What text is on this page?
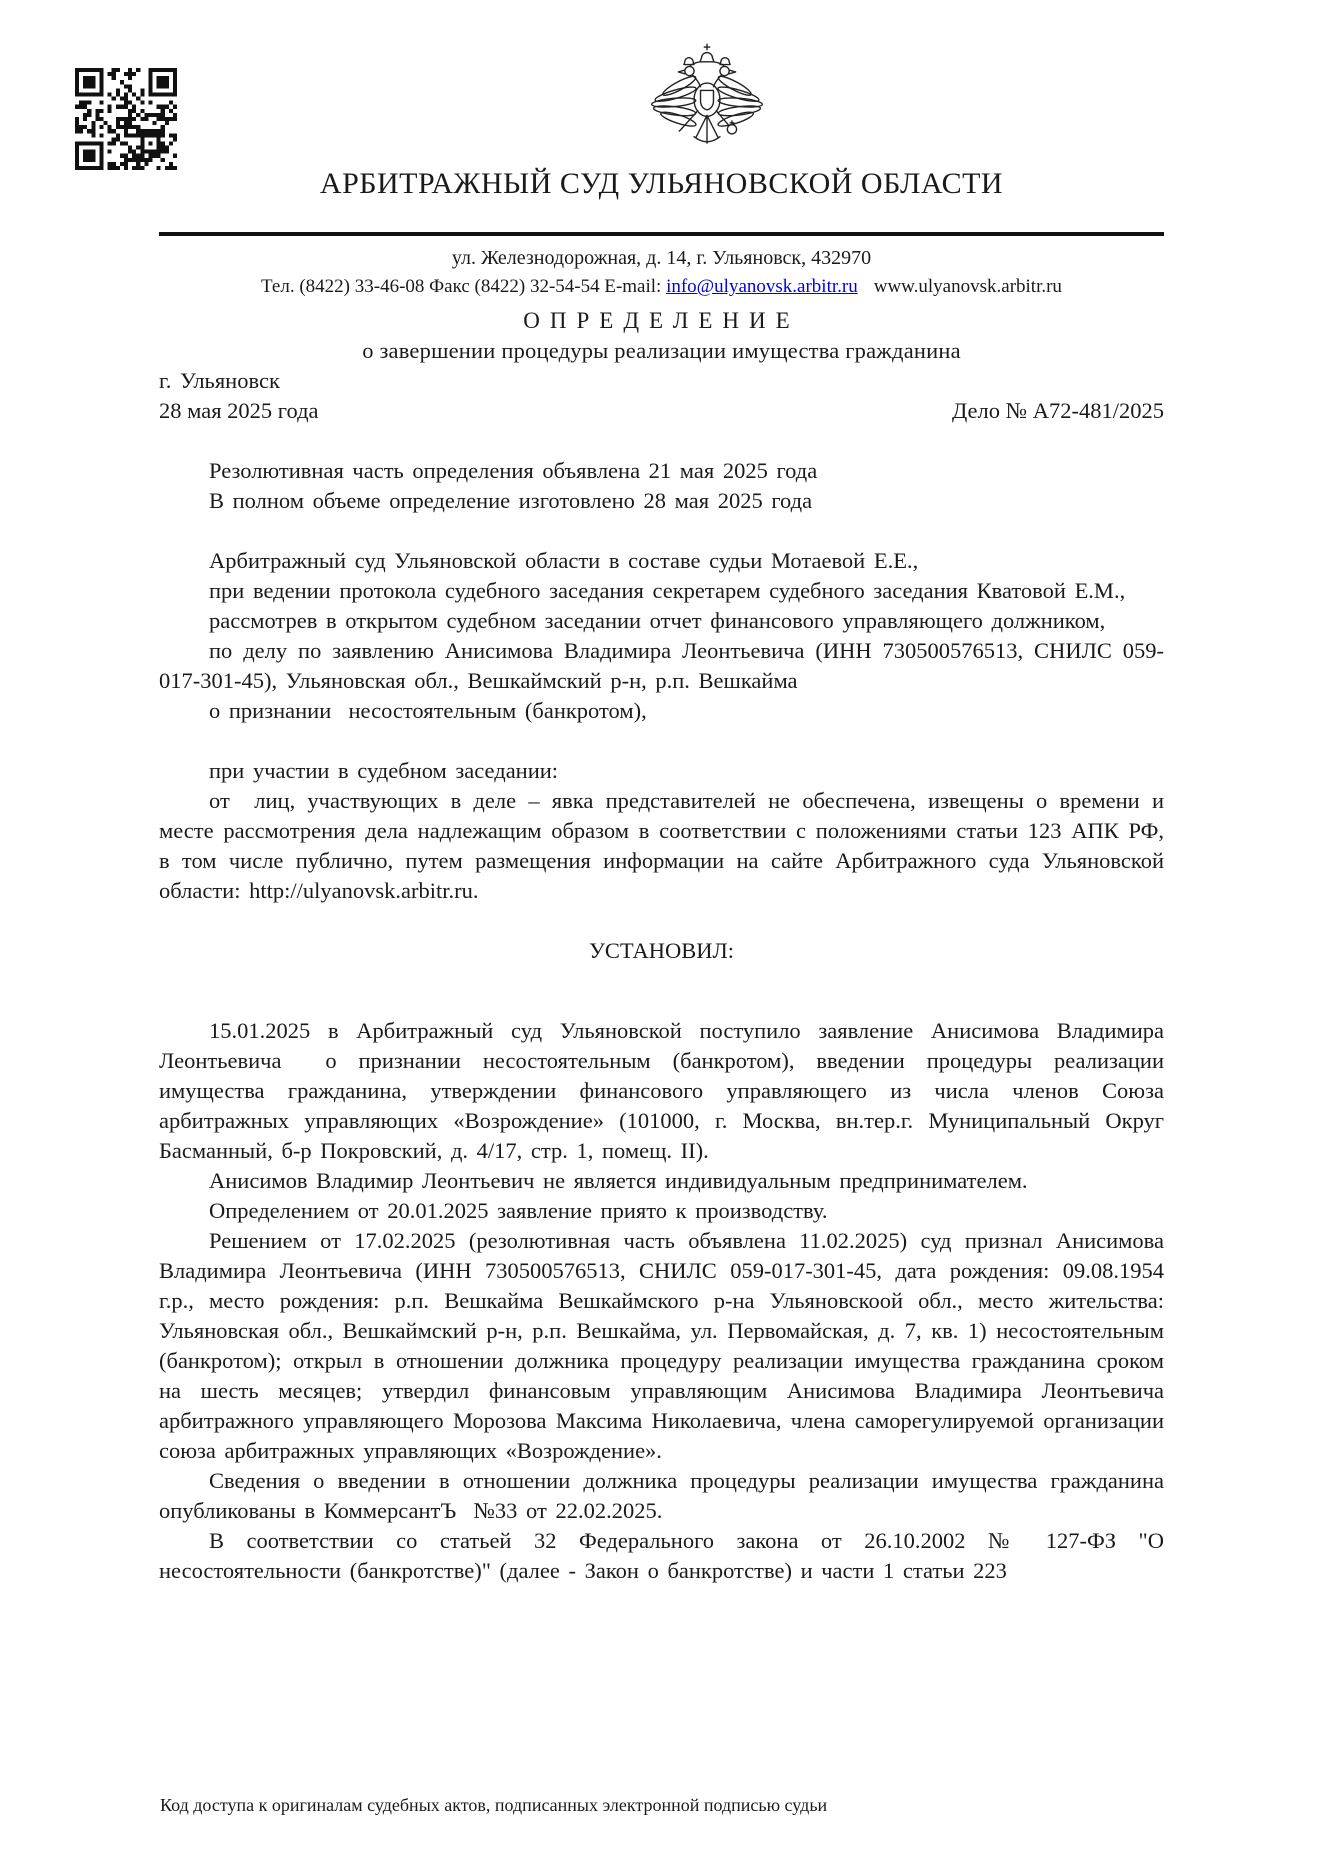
АРБИТРАЖНЫЙ СУД УЛЬЯНОВСКОЙ ОБЛАСТИ
ул. Железнодорожная, д. 14, г. Ульяновск, 432970
Тел. (8422) 33-46-08 Факс (8422) 32-54-54 E-mail: info@ulyanovsk.arbitr.ru www.ulyanovsk.arbitr.ru

ОПРЕДЕЛЕНИЕ

о завершении процедуры реализации имущества гражданина

г. Ульяновск

28 мая 2025 года	Дело № А72-481/2025

Резолютивная часть определения объявлена 21 мая 2025 года

В полном объеме определение изготовлено 28 мая 2025 года

Арбитражный суд Ульяновской области в составе судьи Мотаевой Е.Е.,

при ведении протокола судебного заседания секретарем судебного заседания Кватовой Е.М.,

рассмотрев в открытом судебном заседании отчет финансового управляющего должником,

по делу по заявлению Анисимова Владимира Леонтьевича (ИНН 730500576513, СНИЛС 059-017-301-45), Ульяновская обл., Вешкаймский р-н, р.п. Вешкайма

о признании  несостоятельным (банкротом),

при участии в судебном заседании:

от  лиц, участвующих в деле – явка представителей не обеспечена, извещены о времени и месте рассмотрения дела надлежащим образом в соответствии с положениями статьи 123 АПК РФ, в том числе публично, путем размещения информации на сайте Арбитражного суда Ульяновской области: http://ulyanovsk.arbitr.ru.

УСТАНОВИЛ:

15.01.2025 в Арбитражный суд Ульяновской поступило заявление Анисимова Владимира Леонтьевича  о признании несостоятельным (банкротом), введении процедуры реализации имущества гражданина, утверждении финансового управляющего из числа членов Союза арбитражных управляющих «Возрождение» (101000, г. Москва, вн.тер.г. Муниципальный Округ Басманный, б-р Покровский, д. 4/17, стр. 1, помещ. II).

Анисимов Владимир Леонтьевич не является индивидуальным предпринимателем.

Определением от 20.01.2025 заявление приято к производству.

Решением от 17.02.2025 (резолютивная часть объявлена 11.02.2025) суд признал Анисимова Владимира Леонтьевича (ИНН 730500576513, СНИЛС 059-017-301-45, дата рождения: 09.08.1954 г.р., место рождения: р.п. Вешкайма Вешкаймского р-на Ульяновскоой обл., место жительства: Ульяновская обл., Вешкаймский р-н, р.п. Вешкайма, ул. Первомайская, д. 7, кв. 1) несостоятельным (банкротом); открыл в отношении должника процедуру реализации имущества гражданина сроком на шесть месяцев; утвердил финансовым управляющим Анисимова Владимира Леонтьевича арбитражного управляющего Морозова Максима Николаевича, члена саморегулируемой организации союза арбитражных управляющих «Возрождение».

Сведения о введении в отношении должника процедуры реализации имущества гражданина опубликованы в КоммерсантЪ  №33 от 22.02.2025.

В соответствии со статьей 32 Федерального закона от 26.10.2002 № 127-ФЗ "О несостоятельности (банкротстве)" (далее - Закон о банкротстве) и части 1 статьи 223

Код доступа к оригиналам судебных актов, подписанных электронной подписью судьи
